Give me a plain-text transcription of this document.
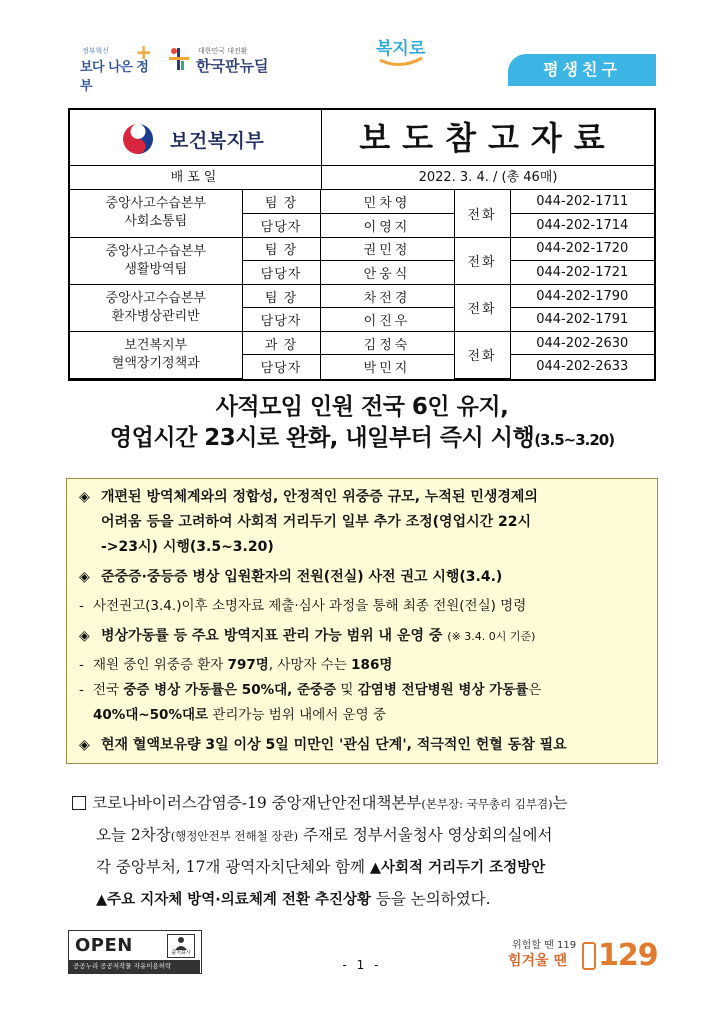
정부혁신
보다 나은 정부
+	대한민국 대전환
한국판뉴딜
복지로
평생친구
보건복지부	보도참고자료
배포일	2022. 3. 4. / (총 46매)
중앙사고수습본부
사회소통팀	팀 장	민차영	전화	044-202-1711
	담당자	이영지		044-202-1714

중앙사고수습본부
생활방역팀	팀 장	권민정	전화	044-202-1720
	담당자	안웅식		044-202-1721

중앙사고수습본부
환자병상관리반	팀 장	차전경	전화	044-202-1790
	담당자	이진우		044-202-1791

보건복지부
혈액장기정책과	과 장	김정숙	전화	044-202-2630
	담당자	박민지		044-202-2633
사적모임 인원 전국 6인 유지,
영업시간 23시로 완화, 내일부터 즉시 시행(3.5~3.20)
◈ 개편된 방역체계와의 정합성, 안정적인 위중증 규모, 누적된 민생경제의
어려움 등을 고려하여 사회적 거리두기 일부 추가 조정(영업시간 22시
->23시) 시행(3.5~3.20)
◈ 준중증·중등증 병상 입원환자의 전원(전실) 사전 권고 시행(3.4.)
- 사전권고(3.4.)이후 소명자료 제출·심사 과정을 통해 최종 전원(전실) 명령
◈ 병상가동률 등 주요 방역지표 관리 가능 범위 내 운영 중 (※ 3.4. 0시 기준)
- 재원 중인 위중증 환자 797명, 사망자 수는 186명
- 전국 중증 병상 가동률은 50%대, 준중증 및 감염병 전담병원 병상 가동률은
40%대~50%대로 관리가능 범위 내에서 운영 중
◈ 현재 혈액보유량 3일 이상 5일 미만인 '관심 단계', 적극적인 헌혈 동참 필요
코로나바이러스감염증-19 중앙재난안전대책본부(본부장: 국무총리 김부겸)는
오늘 2차장(행정안전부 전해철 장관) 주재로 정부서울청사 영상회의실에서
각 중앙부처, 17개 광역자치단체와 함께 ▲사회적 거리두기 조정방안
▲주요 지자체 방역·의료체계 전환 추진상황 등을 논의하였다.
OPEN	출처표시
공공누리 공공저작물 자유이용허락	- 1 -
위험할 땐 119
힘겨울 땐 129
